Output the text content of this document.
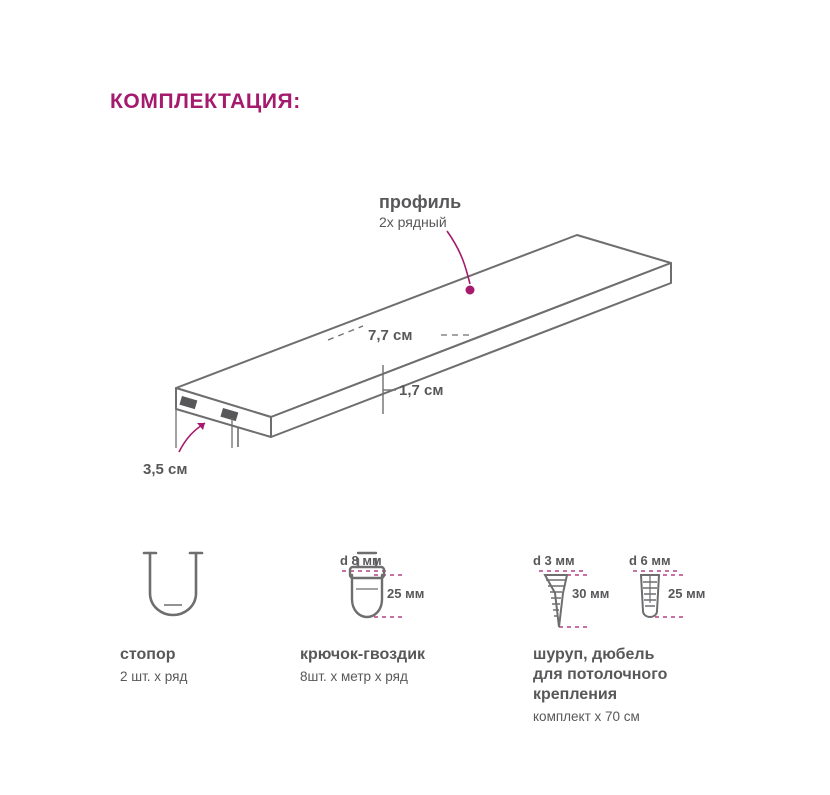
КОМПЛЕКТАЦИЯ:
профиль
2х рядный
7,7 см
1,7 см
3,5 см
стопор
2 шт. х ряд
крючок-гвоздик
8шт. х метр х ряд
шуруп, дюбель
для потолочного
крепления
комплект х 70 см
d 8 мм
25 мм
d 3 мм
30 мм
d 6 мм
25 мм
